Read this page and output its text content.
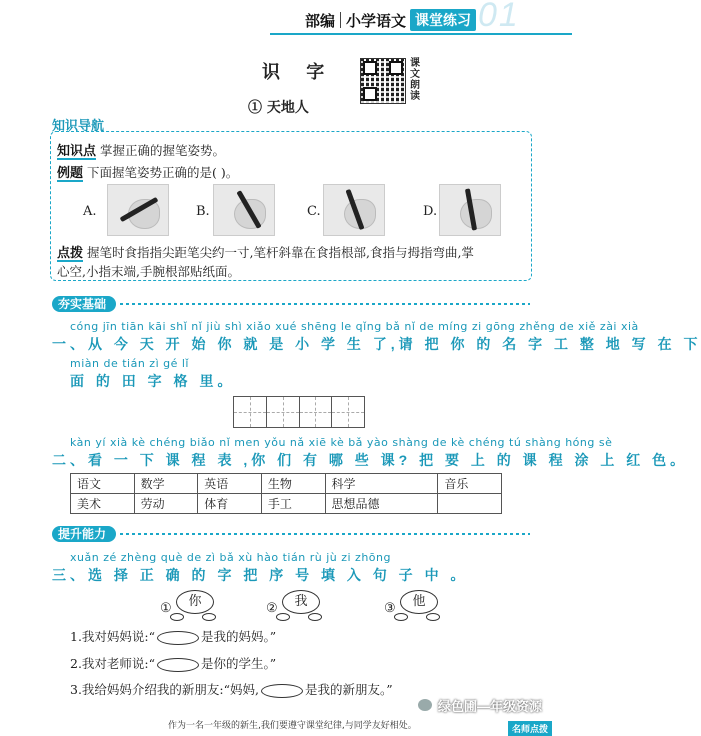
部编 小学语文 课堂练习 01
识 字	课文朗读
① 天地人
知识导航
知识点 掌握正确的握笔姿势。
例题 下面握笔姿势正确的是( )。
A.	B.	C.	D.
点拨 握笔时食指指尖距笔尖约一寸,笔杆斜靠在食指根部,食指与拇指弯曲,掌
心空,小指末端,手腕根部贴纸面。
夯实基础
cóng jīn tiān kāi shǐ nǐ jiù shì xiǎo xué shēng le qǐng bǎ nǐ de míng zi gōng zhěng de xiě zài xià
一、从 今 天 开 始 你 就 是 小 学 生 了,请 把 你 的 名 字 工 整 地 写 在 下
miàn de tián zì gé lǐ
面 的 田 字 格 里。
kàn yí xià kè chéng biǎo nǐ men yǒu nǎ xiē kè bǎ yào shàng de kè chéng tú shàng hóng sè
二、看 一 下 课 程 表 ,你 们 有 哪 些 课? 把 要 上 的 课 程 涂 上 红 色。
语文	数学	英语	生物	科学	音乐
美术	劳动	体育	手工	思想品德	
提升能力
xuǎn zé zhèng què de zì bǎ xù hào tián rù jù zi zhōng
三、选 择 正 确 的 字 把 序 号 填 入 句 子 中 。
①	你	②	我	③	他
1.我对妈妈说:“	是我的妈妈。”
2.我对老师说:“	是你的学生。”
3.我给妈妈介绍我的新朋友:“妈妈,	是我的新朋友。”
作为一名一年级的新生,我们要遵守课堂纪律,与同学友好相处。	名师点拨
绿色圃—年级资源
